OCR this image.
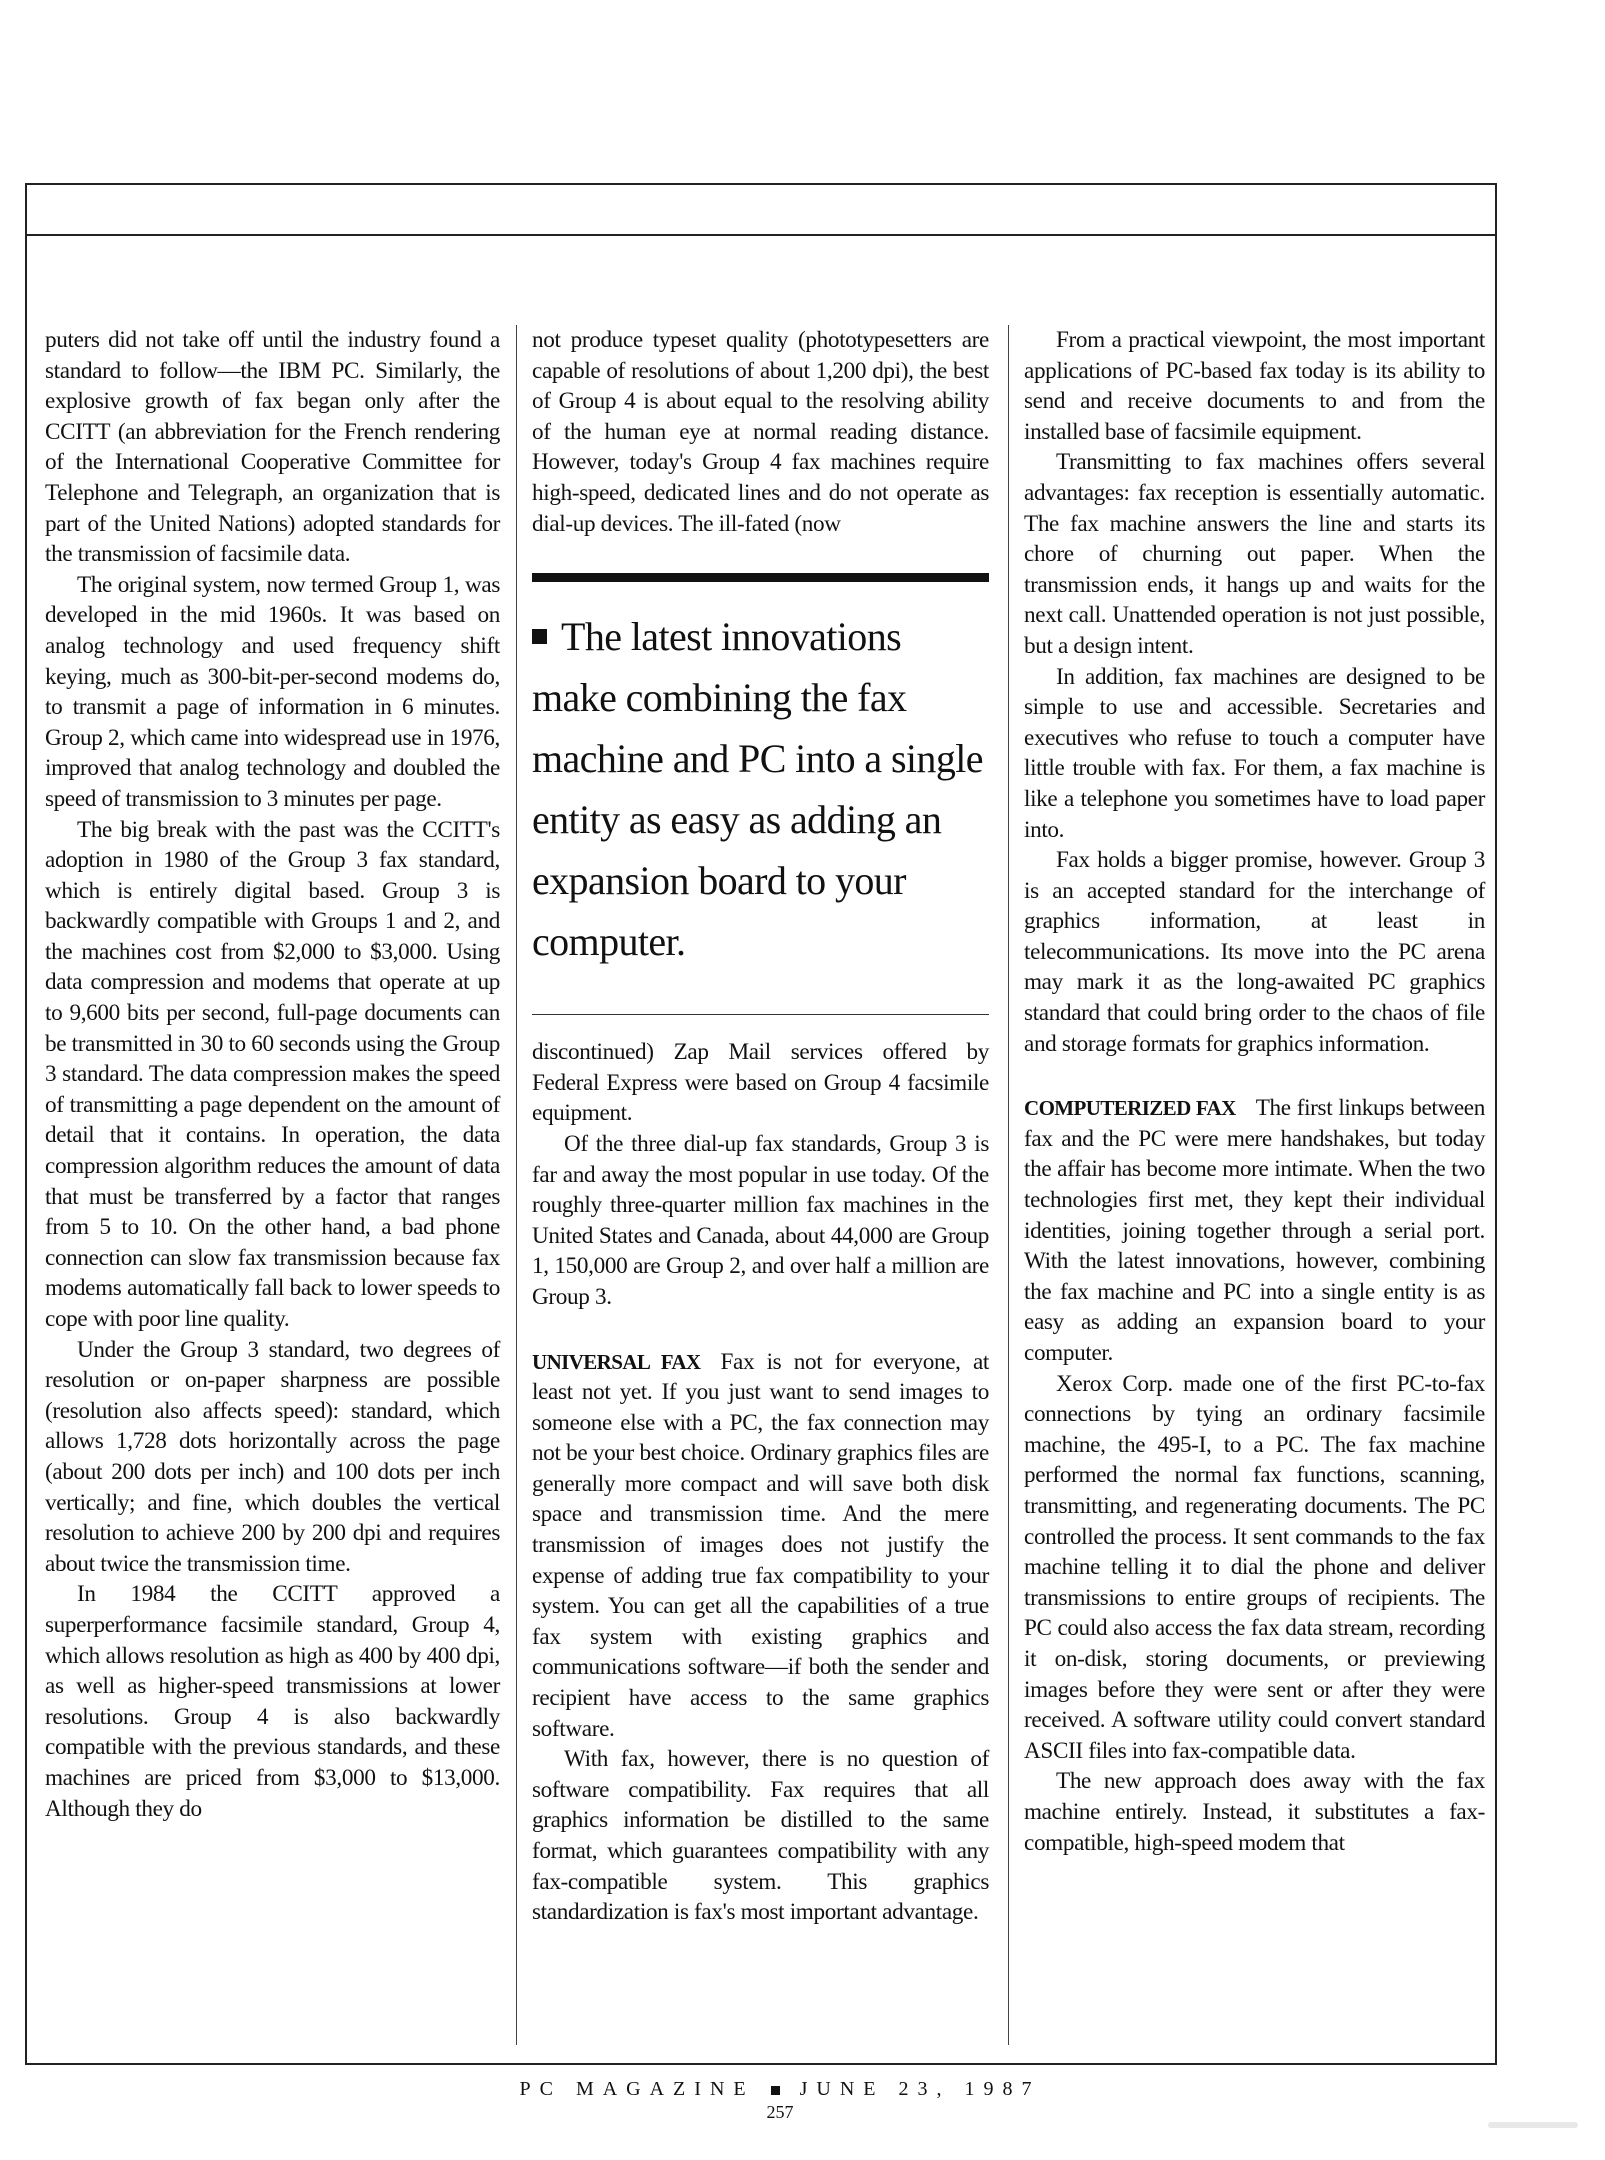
puters did not take off until the industry found a standard to follow—the IBM PC. Similarly, the explosive growth of fax began only after the CCITT (an abbreviation for the French rendering of the International Cooperative Committee for Telephone and Telegraph, an organization that is part of the United Nations) adopted standards for the transmission of facsimile data.

The original system, now termed Group 1, was developed in the mid 1960s. It was based on analog technology and used frequency shift keying, much as 300-bit-per-second modems do, to transmit a page of information in 6 minutes. Group 2, which came into widespread use in 1976, improved that analog technology and doubled the speed of transmission to 3 minutes per page.

The big break with the past was the CCITT's adoption in 1980 of the Group 3 fax standard, which is entirely digital based. Group 3 is backwardly compatible with Groups 1 and 2, and the machines cost from $2,000 to $3,000. Using data compression and modems that operate at up to 9,600 bits per second, full-page documents can be transmitted in 30 to 60 seconds using the Group 3 standard. The data compression makes the speed of transmitting a page dependent on the amount of detail that it contains. In operation, the data compression algorithm reduces the amount of data that must be transferred by a factor that ranges from 5 to 10. On the other hand, a bad phone connection can slow fax transmission because fax modems automatically fall back to lower speeds to cope with poor line quality.

Under the Group 3 standard, two degrees of resolution or on-paper sharpness are possible (resolution also affects speed): standard, which allows 1,728 dots horizontally across the page (about 200 dots per inch) and 100 dots per inch vertically; and fine, which doubles the vertical resolution to achieve 200 by 200 dpi and requires about twice the transmission time.

In 1984 the CCITT approved a superperformance facsimile standard, Group 4, which allows resolution as high as 400 by 400 dpi, as well as higher-speed transmissions at lower resolutions. Group 4 is also backwardly compatible with the previous standards, and these machines are priced from $3,000 to $13,000. Although they do

not produce typeset quality (phototypesetters are capable of resolutions of about 1,200 dpi), the best of Group 4 is about equal to the resolving ability of the human eye at normal reading distance. However, today's Group 4 fax machines require high-speed, dedicated lines and do not operate as dial-up devices. The ill-fated (now

The latest innovations make combining the fax machine and PC into a single entity as easy as adding an expansion board to your computer.

discontinued) Zap Mail services offered by Federal Express were based on Group 4 facsimile equipment.

Of the three dial-up fax standards, Group 3 is far and away the most popular in use today. Of the roughly three-quarter million fax machines in the United States and Canada, about 44,000 are Group 1, 150,000 are Group 2, and over half a million are Group 3.

UNIVERSAL FAX Fax is not for everyone, at least not yet. If you just want to send images to someone else with a PC, the fax connection may not be your best choice. Ordinary graphics files are generally more compact and will save both disk space and transmission time. And the mere transmission of images does not justify the expense of adding true fax compatibility to your system. You can get all the capabilities of a true fax system with existing graphics and communications software—if both the sender and recipient have access to the same graphics software.

With fax, however, there is no question of software compatibility. Fax requires that all graphics information be distilled to the same format, which guarantees compatibility with any fax-compatible system. This graphics standardization is fax's most important advantage.

From a practical viewpoint, the most important applications of PC-based fax today is its ability to send and receive documents to and from the installed base of facsimile equipment.

Transmitting to fax machines offers several advantages: fax reception is essentially automatic. The fax machine answers the line and starts its chore of churning out paper. When the transmission ends, it hangs up and waits for the next call. Unattended operation is not just possible, but a design intent.

In addition, fax machines are designed to be simple to use and accessible. Secretaries and executives who refuse to touch a computer have little trouble with fax. For them, a fax machine is like a telephone you sometimes have to load paper into.

Fax holds a bigger promise, however. Group 3 is an accepted standard for the interchange of graphics information, at least in telecommunications. Its move into the PC arena may mark it as the long-awaited PC graphics standard that could bring order to the chaos of file and storage formats for graphics information.

COMPUTERIZED FAX The first linkups between fax and the PC were mere handshakes, but today the affair has become more intimate. When the two technologies first met, they kept their individual identities, joining together through a serial port. With the latest innovations, however, combining the fax machine and PC into a single entity is as easy as adding an expansion board to your computer.

Xerox Corp. made one of the first PC-to-fax connections by tying an ordinary facsimile machine, the 495-I, to a PC. The fax machine performed the normal fax functions, scanning, transmitting, and regenerating documents. The PC controlled the process. It sent commands to the fax machine telling it to dial the phone and deliver transmissions to entire groups of recipients. The PC could also access the fax data stream, recording it on-disk, storing documents, or previewing images before they were sent or after they were received. A software utility could convert standard ASCII files into fax-compatible data.

The new approach does away with the fax machine entirely. Instead, it substitutes a fax-compatible, high-speed modem that

PC MAGAZINE JUNE 23, 1987
257
